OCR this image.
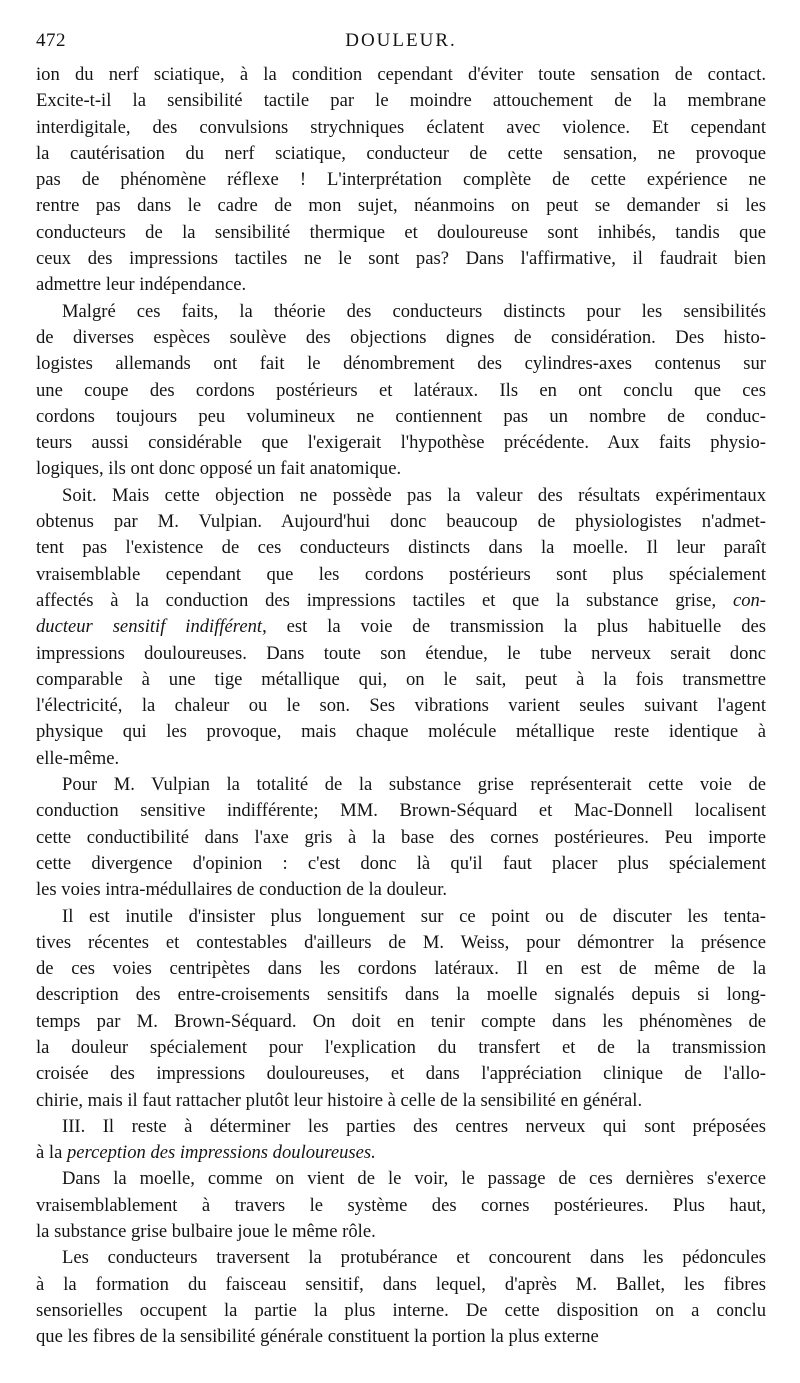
472	DOULEUR.
ion du nerf sciatique, à la condition cependant d'éviter toute sensation de contact.
Excite-t-il la sensibilité tactile par le moindre attouchement de la membrane
interdigitale, des convulsions strychniques éclatent avec violence. Et cependant
la cautérisation du nerf sciatique, conducteur de cette sensation, ne provoque
pas de phénomène réflexe ! L'interprétation complète de cette expérience ne
rentre pas dans le cadre de mon sujet, néanmoins on peut se demander si les
conducteurs de la sensibilité thermique et douloureuse sont inhibés, tandis que
ceux des impressions tactiles ne le sont pas? Dans l'affirmative, il faudrait bien
admettre leur indépendance.
Malgré ces faits, la théorie des conducteurs distincts pour les sensibilités
de diverses espèces soulève des objections dignes de considération. Des histo-
logistes allemands ont fait le dénombrement des cylindres-axes contenus sur
une coupe des cordons postérieurs et latéraux. Ils en ont conclu que ces
cordons toujours peu volumineux ne contiennent pas un nombre de conduc-
teurs aussi considérable que l'exigerait l'hypothèse précédente. Aux faits physio-
logiques, ils ont donc opposé un fait anatomique.
Soit. Mais cette objection ne possède pas la valeur des résultats expérimentaux
obtenus par M. Vulpian. Aujourd'hui donc beaucoup de physiologistes n'admet-
tent pas l'existence de ces conducteurs distincts dans la moelle. Il leur paraît
vraisemblable cependant que les cordons postérieurs sont plus spécialement
affectés à la conduction des impressions tactiles et que la substance grise, con-
ducteur sensitif indifférent, est la voie de transmission la plus habituelle des
impressions douloureuses. Dans toute son étendue, le tube nerveux serait donc
comparable à une tige métallique qui, on le sait, peut à la fois transmettre
l'électricité, la chaleur ou le son. Ses vibrations varient seules suivant l'agent
physique qui les provoque, mais chaque molécule métallique reste identique à
elle-même.
Pour M. Vulpian la totalité de la substance grise représenterait cette voie de
conduction sensitive indifférente; MM. Brown-Séquard et Mac-Donnell localisent
cette conductibilité dans l'axe gris à la base des cornes postérieures. Peu importe
cette divergence d'opinion : c'est donc là qu'il faut placer plus spécialement
les voies intra-médullaires de conduction de la douleur.
Il est inutile d'insister plus longuement sur ce point ou de discuter les tenta-
tives récentes et contestables d'ailleurs de M. Weiss, pour démontrer la présence
de ces voies centripètes dans les cordons latéraux. Il en est de même de la
description des entre-croisements sensitifs dans la moelle signalés depuis si long-
temps par M. Brown-Séquard. On doit en tenir compte dans les phénomènes de
la douleur spécialement pour l'explication du transfert et de la transmission
croisée des impressions douloureuses, et dans l'appréciation clinique de l'allo-
chirie, mais il faut rattacher plutôt leur histoire à celle de la sensibilité en général.
III. Il reste à déterminer les parties des centres nerveux qui sont préposées
à la perception des impressions douloureuses.
Dans la moelle, comme on vient de le voir, le passage de ces dernières s'exerce
vraisemblablement à travers le système des cornes postérieures. Plus haut,
la substance grise bulbaire joue le même rôle.
Les conducteurs traversent la protubérance et concourent dans les pédoncules
à la formation du faisceau sensitif, dans lequel, d'après M. Ballet, les fibres
sensorielles occupent la partie la plus interne. De cette disposition on a conclu
que les fibres de la sensibilité générale constituent la portion la plus externe
